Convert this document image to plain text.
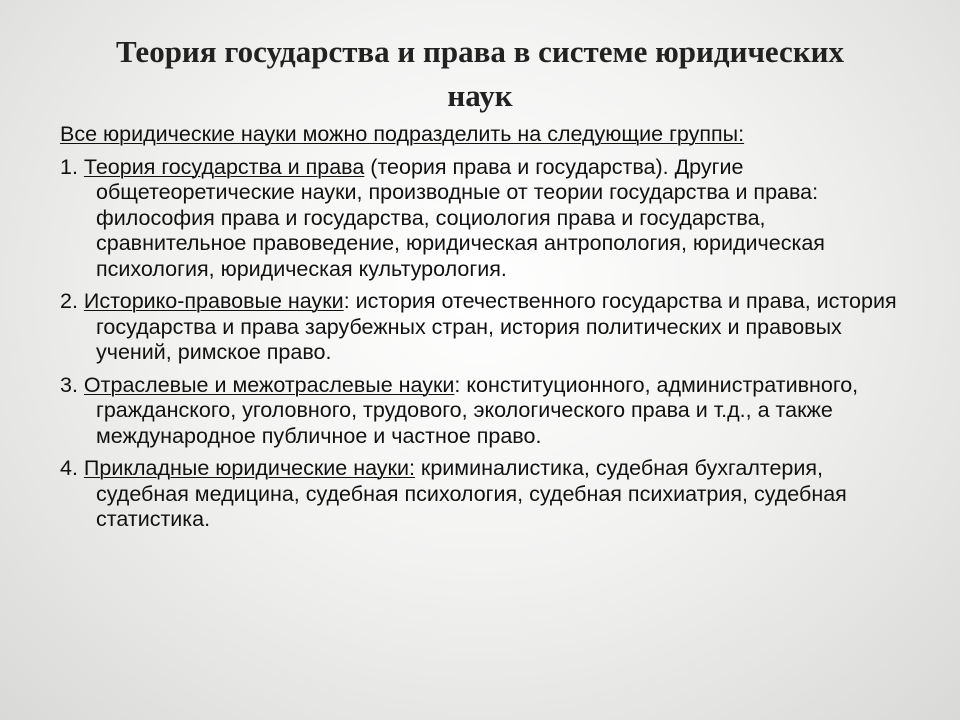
Теория государства и права в системе юридических наук

Все юридические науки можно подразделить на следующие группы:

1. Теория государства и права (теория права и государства). Другие общетеоретические науки, производные от теории государства и права: философия права и государства, социология права и государства, сравнительное правоведение, юридическая антропология, юридическая психология, юридическая культурология.

2. Историко-правовые науки: история отечественного государства и права, история государства и права зарубежных стран, история политических и правовых учений, римское право.

3. Отраслевые и межотраслевые науки: конституционного, административного, гражданского, уголовного, трудового, экологического права и т.д., а также международное публичное и частное право.

4. Прикладные юридические науки: криминалистика, судебная бухгалтерия, судебная медицина, судебная психология, судебная психиатрия, судебная статистика.
